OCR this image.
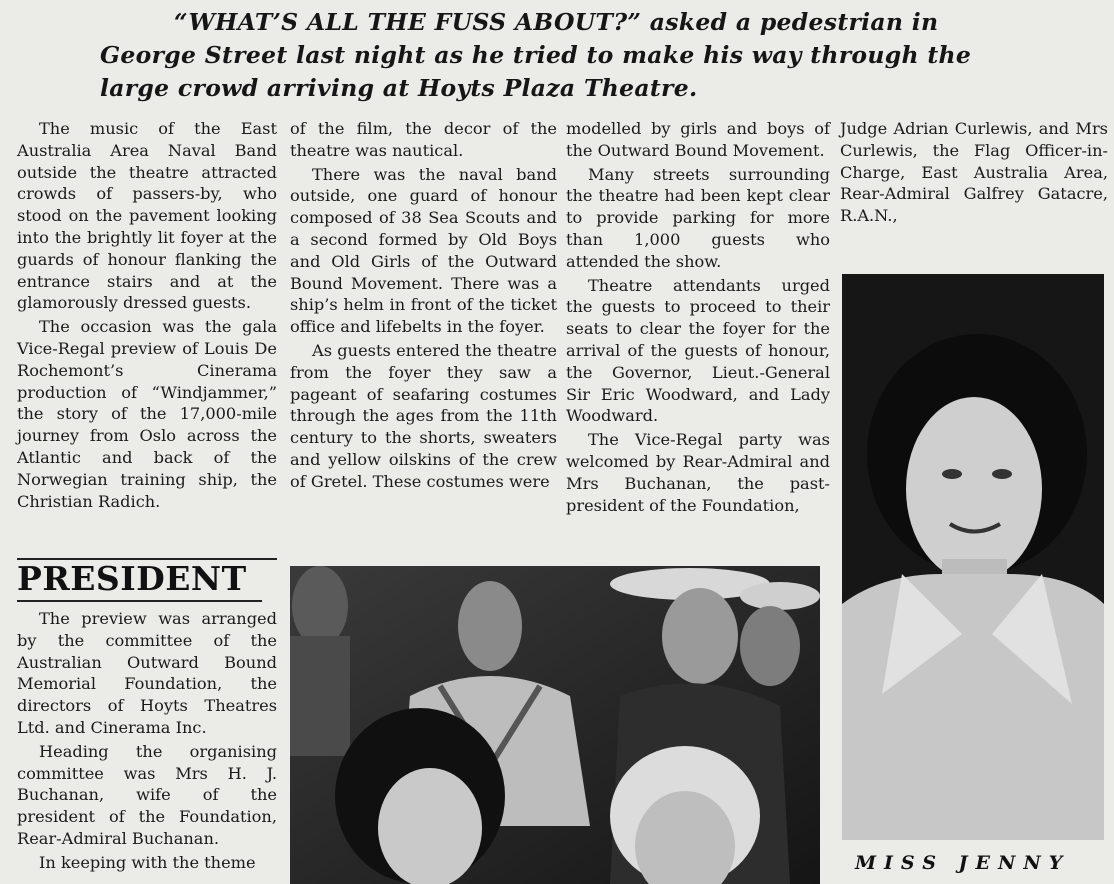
“WHAT’S ALL THE FUSS ABOUT?” asked a pedestrian in
George Street last night as he tried to make his way through the
large crowd arriving at Hoyts Plaza Theatre.

The music of the East Australia Area Naval Band outside the theatre attracted crowds of passers-by, who stood on the pavement looking into the brightly lit foyer at the guards of honour flanking the entrance stairs and at the glamorously dressed guests.

The occasion was the gala Vice-Regal preview of Louis De Rochemont’s Cinerama production of “Windjammer,” the story of the 17,000-mile journey from Oslo across the Atlantic and back of the Norwegian training ship, the Christian Radich.

PRESIDENT

The preview was arranged by the committee of the Australian Outward Bound Memorial Foundation, the directors of Hoyts Theatres Ltd. and Cinerama Inc.

Heading the organising committee was Mrs H. J. Buchanan, wife of the president of the Foundation, Rear-Admiral Buchanan.

In keeping with the theme

of the film, the decor of the theatre was nautical.

There was the naval band outside, one guard of honour composed of 38 Sea Scouts and a second formed by Old Boys and Old Girls of the Outward Bound Movement. There was a ship’s helm in front of the ticket office and lifebelts in the foyer.

As guests entered the theatre from the foyer they saw a pageant of seafaring costumes through the ages from the 11th century to the shorts, sweaters and yellow oilskins of the crew of Gretel. These costumes were

modelled by girls and boys of the Outward Bound Movement.

Many streets surrounding the theatre had been kept clear to provide parking for more than 1,000 guests who attended the show.

Theatre attendants urged the guests to proceed to their seats to clear the foyer for the arrival of the guests of honour, the Governor, Lieut.-General Sir Eric Woodward, and Lady Woodward.

The Vice-Regal party was welcomed by Rear-Admiral and Mrs Buchanan, the past-president of the Foundation,

Judge Adrian Curlewis, and Mrs Curlewis, the Flag Officer-in-Charge, East Australia Area, Rear-Admiral Galfrey Gatacre, R.A.N.,

MISS JENNY
